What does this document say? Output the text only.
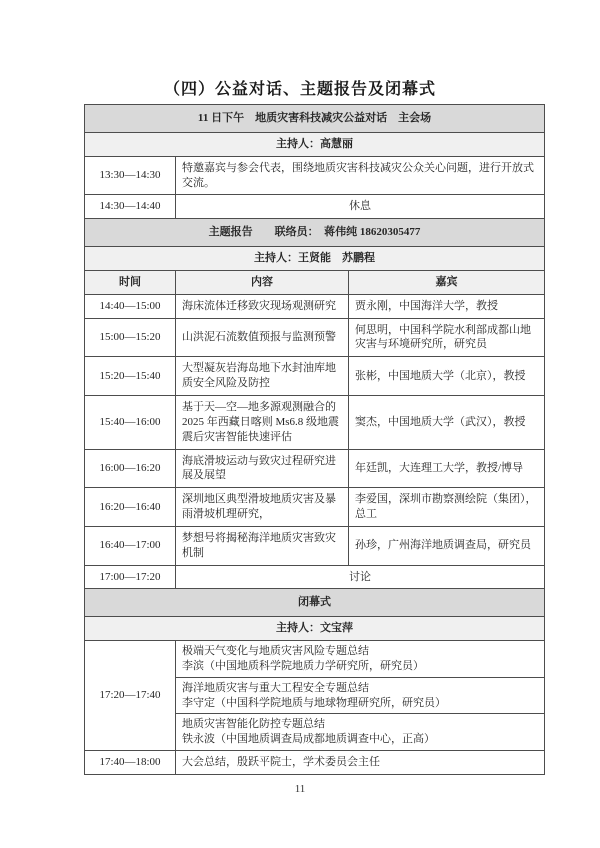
（四）公益对话、主题报告及闭幕式
11 日下午　地质灾害科技减灾公益对话　主会场		
主持人：高慧丽		
13:30—14:30	特邀嘉宾与参会代表，围绕地质灾害科技减灾公众关心问题，进行开放式交流。	
14:30—14:40	休息	
主题报告　　联络员：　蒋伟纯 18620305477		
主持人：王贤能　苏鹏程		
时间	内容	嘉宾
14:40—15:00	海床流体迁移致灾现场观测研究	贾永刚，中国海洋大学，教授
15:00—15:20	山洪泥石流数值预报与监测预警	何思明，中国科学院水利部成都山地灾害与环境研究所，研究员
15:20—15:40	大型凝灰岩海岛地下水封油库地质安全风险及防控	张彬，中国地质大学（北京），教授
15:40—16:00	基于天—空—地多源观测融合的 2025 年西藏日喀则 Ms6.8 级地震震后灾害智能快速评估	窦杰，中国地质大学（武汉），教授
16:00—16:20	海底滑坡运动与致灾过程研究进展及展望	年廷凯，大连理工大学，教授/博导
16:20—16:40	深圳地区典型滑坡地质灾害及暴雨滑坡机理研究，	李爱国，深圳市勘察测绘院（集团），总工
16:40—17:00	梦想号将揭秘海洋地质灾害致灾机制	孙珍，广州海洋地质调查局，研究员
17:00—17:20	讨论	
闭幕式		
主持人：文宝萍		
17:20—17:40	极端天气变化与地质灾害风险专题总结
李滨（中国地质科学院地质力学研究所，研究员）	

	海洋地质灾害与重大工程安全专题总结
李守定（中国科学院地质与地球物理研究所，研究员）	

	地质灾害智能化防控专题总结
铁永波（中国地质调查局成都地质调查中心，正高）	

17:40—18:00	大会总结，殷跃平院士，学术委员会主任	
11
